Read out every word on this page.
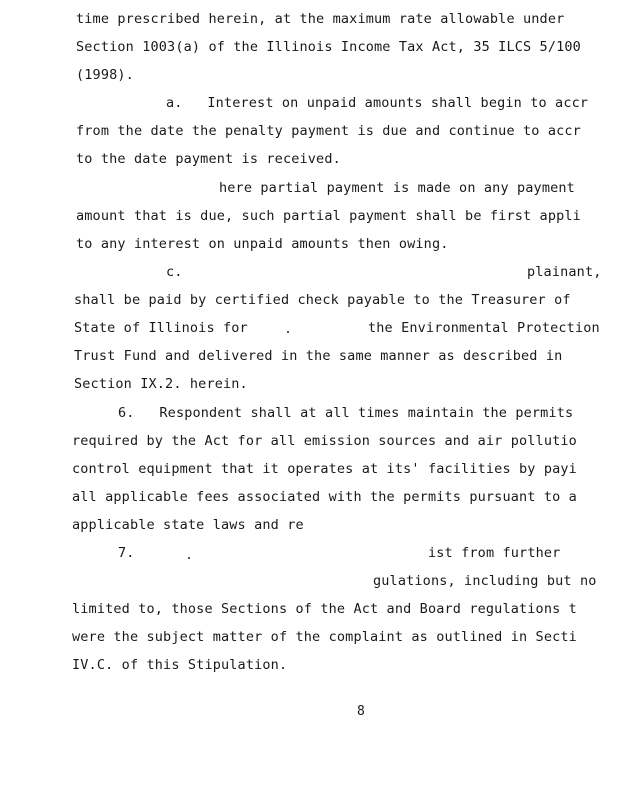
time prescribed herein, at the maximum rate allowable under
Section 1003(a) of the Illinois Income Tax Act, 35 ILCS 5/100
(1998).
a.   Interest on unpaid amounts shall begin to accr
from the date the penalty payment is due and continue to accr
to the date payment is received.
here partial payment is made on any payment
amount that is due, such partial payment shall be first appli
to any interest on unpaid amounts then owing.
c.	plainant,
shall be paid by certified check payable to the Treasurer of
State of Illinois for	the Environmental Protection
Trust Fund and delivered in the same manner as described in
Section IX.2. herein.
6.   Respondent shall at all times maintain the permits
required by the Act for all emission sources and air pollutio
control equipment that it operates at its' facilities by payi
all applicable fees associated with the permits pursuant to a
applicable state laws and re
7.	ist from further
gulations, including but no
limited to, those Sections of the Act and Board regulations t
were the subject matter of the complaint as outlined in Secti
IV.C. of this Stipulation.
8
